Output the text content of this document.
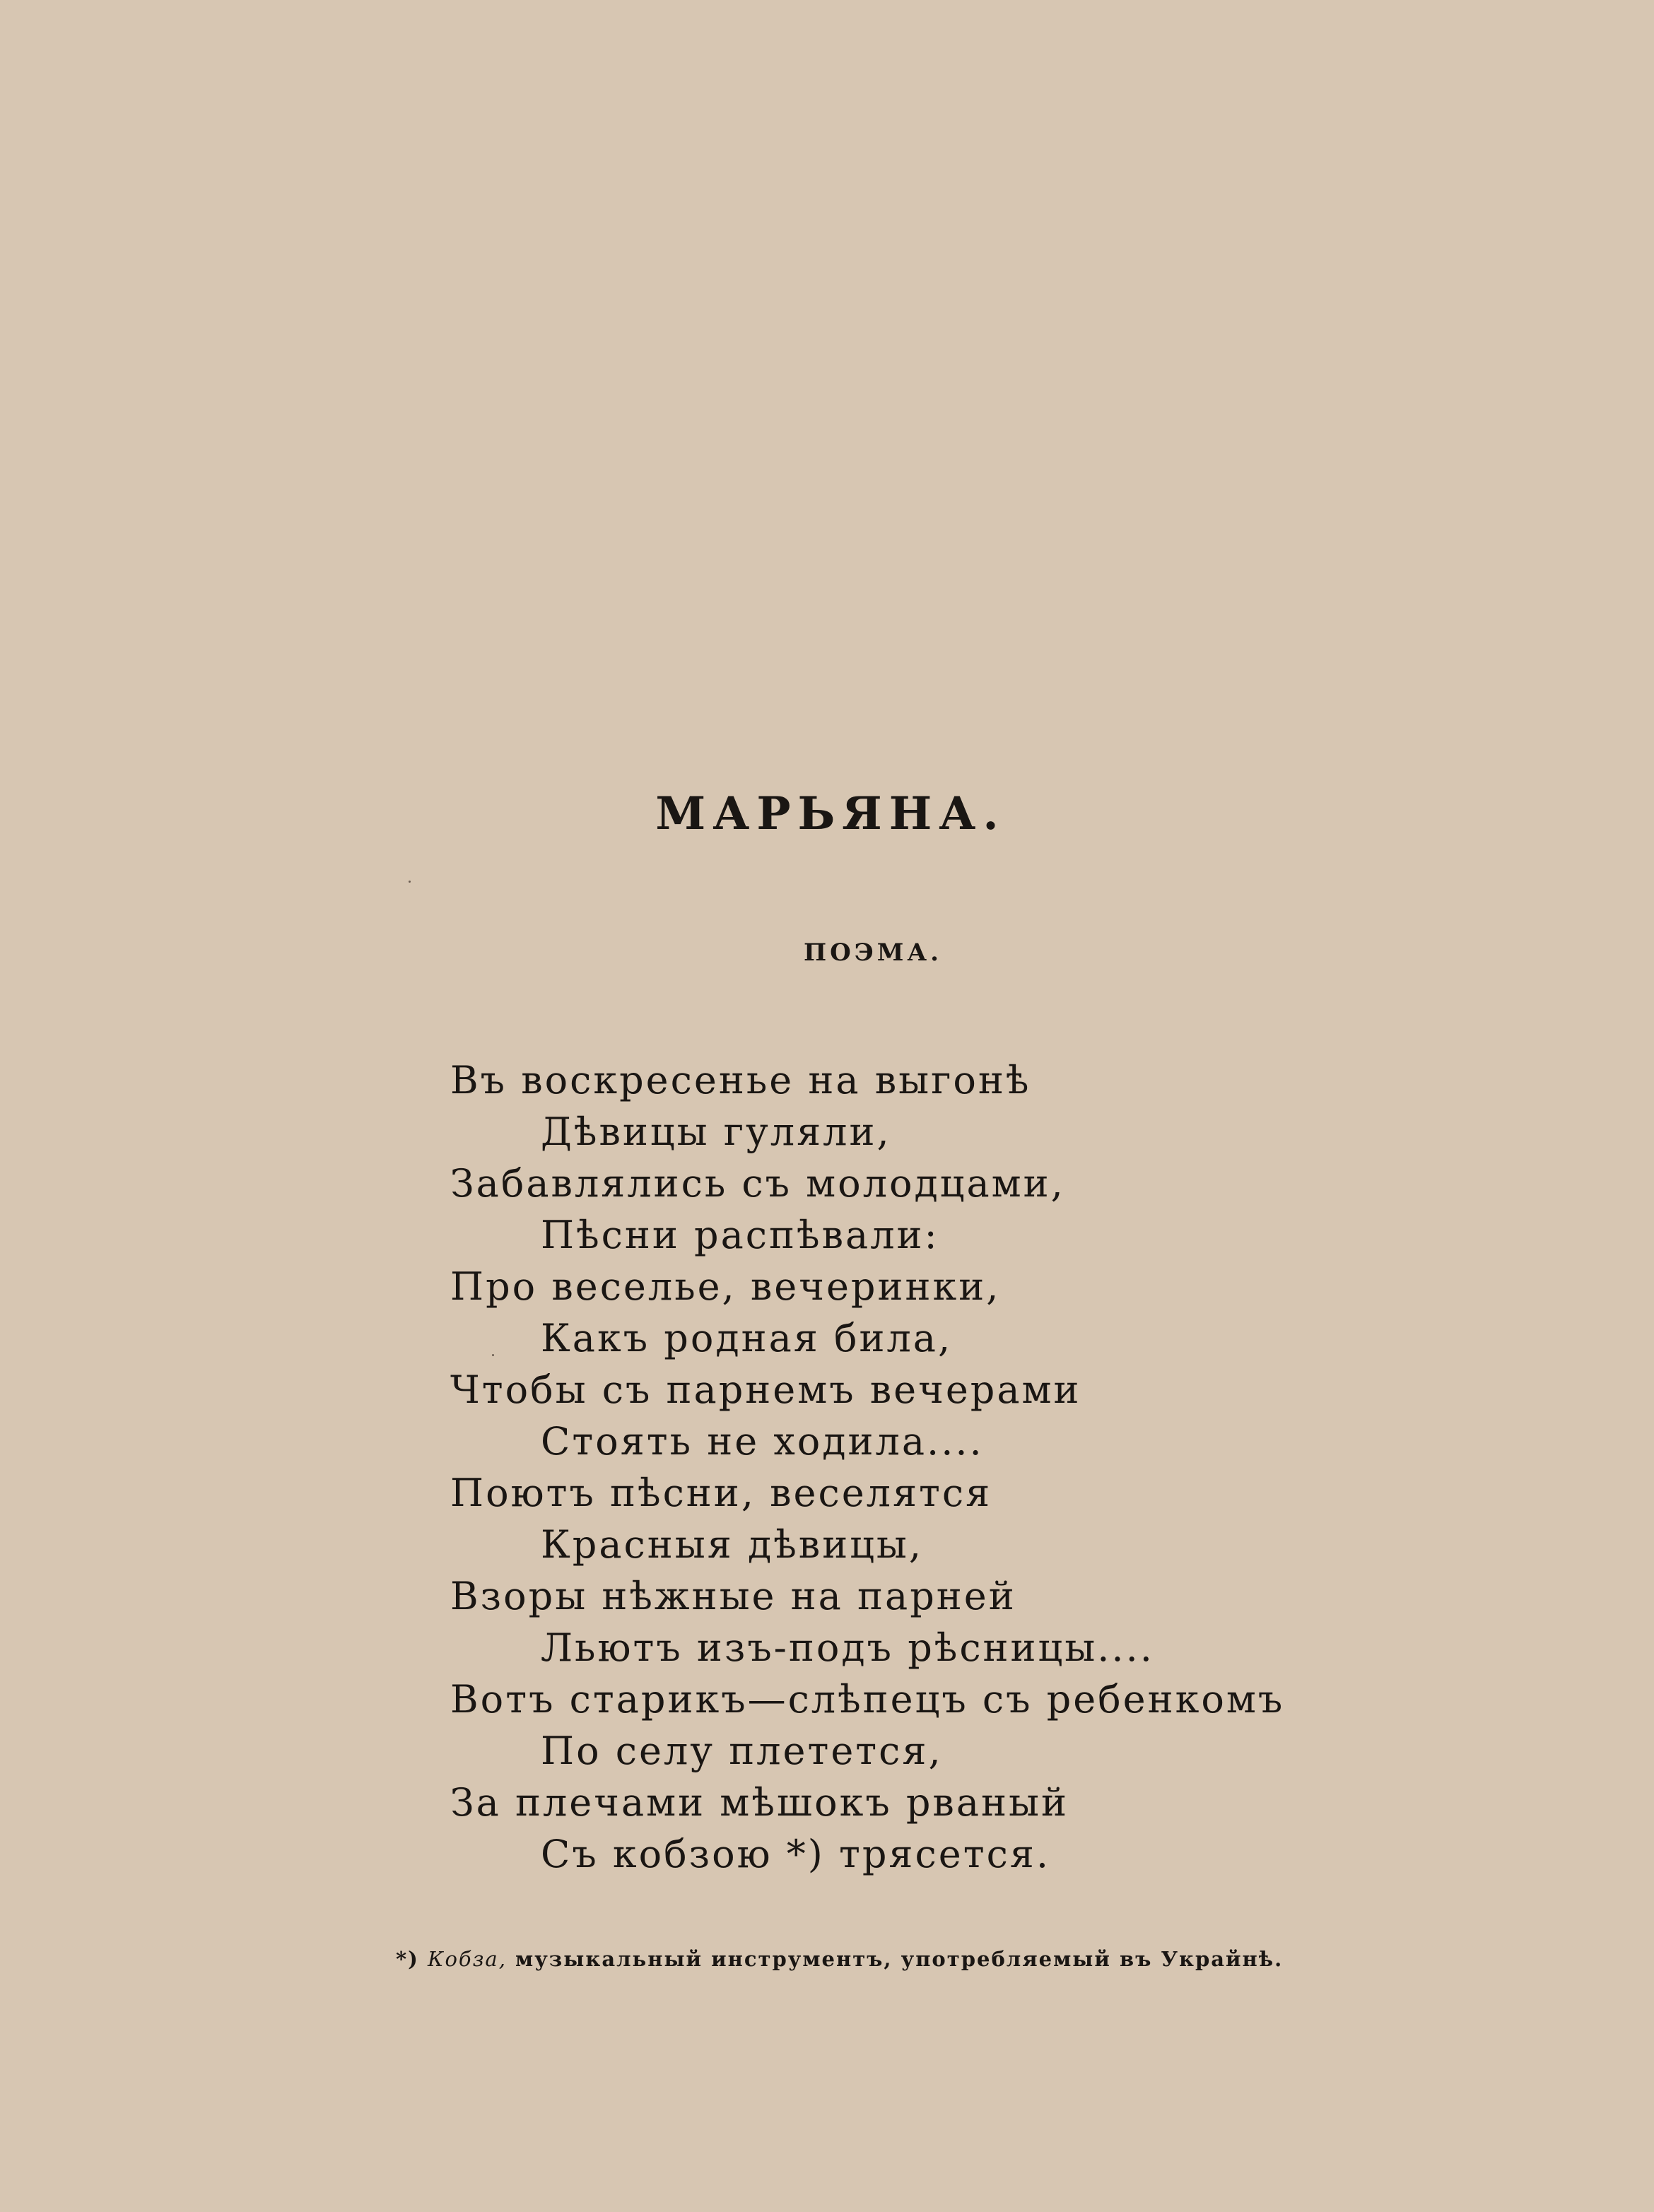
МАРЬЯНА.
ПОЭМА.
Въ воскресенье на выгонѣ
Дѣвицы гуляли,
Забавлялись съ молодцами,
Пѣсни распѣвали:
Про веселье, вечеринки,
Какъ родная била,
Чтобы съ парнемъ вечерами
Стоять не ходила....
Поютъ пѣсни, веселятся
Красныя дѣвицы,
Взоры нѣжные на парней
Льютъ изъ-подъ рѣсницы....
Вотъ старикъ—слѣпецъ съ ребенкомъ
По селу плетется,
За плечами мѣшокъ рваный
Съ кобзою *) трясется.
*) Кобза, музыкальный инструментъ, употребляемый въ Украйнѣ.
